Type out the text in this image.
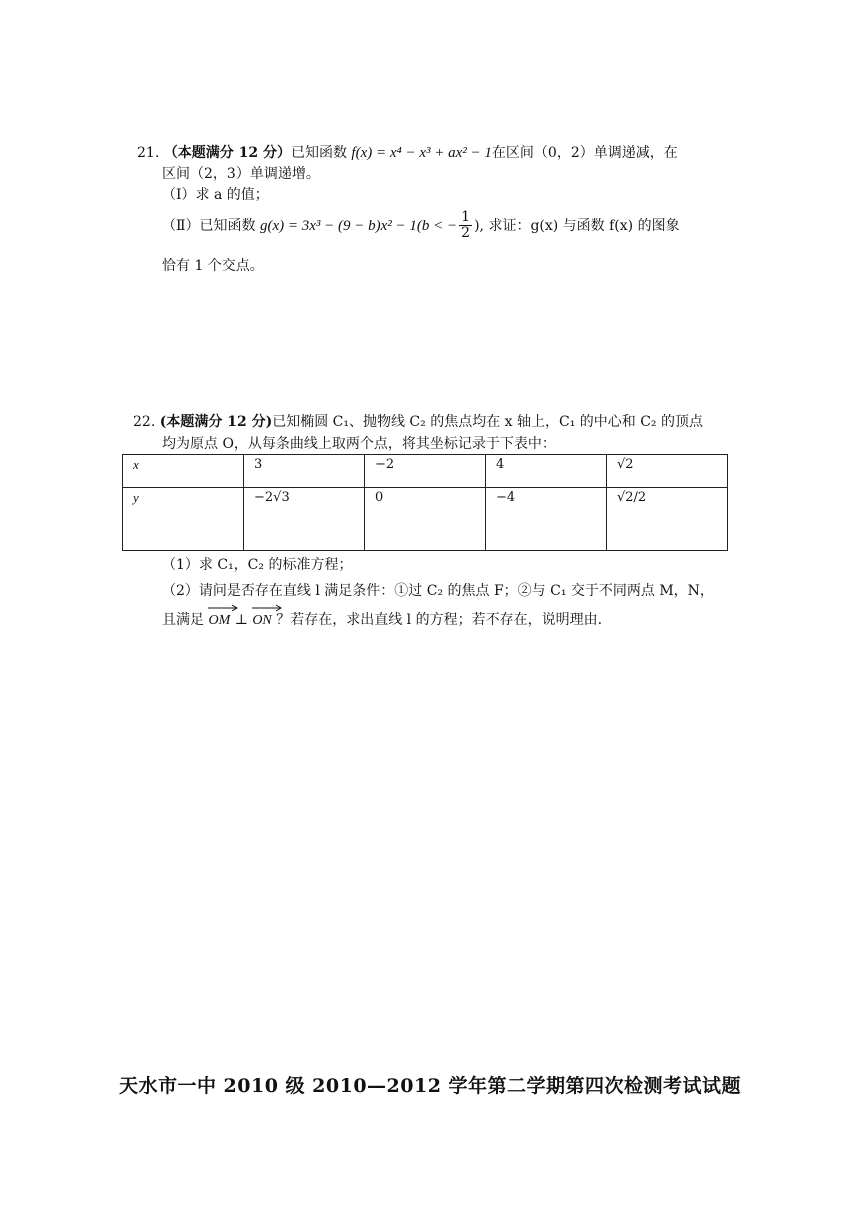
21. （本题满分 12 分）已知函数 f(x) = x⁴ − x³ + ax² − 1在区间（0，2）单调递减，在
区间（2，3）单调递增。
（Ⅰ）求 a 的值；
（Ⅱ）已知函数 g(x) = 3x³ − (9 − b)x² − 1(b < − $\frac{1}{2}$ ), 求证：g(x) 与函数 f(x) 的图象
恰有 1 个交点。
22. (本题满分 12 分)已知椭圆 C₁、抛物线 C₂ 的焦点均在 x 轴上，C₁ 的中心和 C₂ 的顶点
均为原点 O，从每条曲线上取两个点，将其坐标记录于下表中：
x	3	−2	4	√2
y	−2√3	0	−4	√2/2
（1）求 C₁，C₂ 的标准方程；
（2）请问是否存在直线 l 满足条件：①过 C₂ 的焦点 F；②与 C₁ 交于不同两点 M，N，
且满足 OM ⊥ ON ？若存在，求出直线 l 的方程；若不存在，说明理由.
天水市一中 2010 级 2010—2012 学年第二学期第四次检测考试试题
